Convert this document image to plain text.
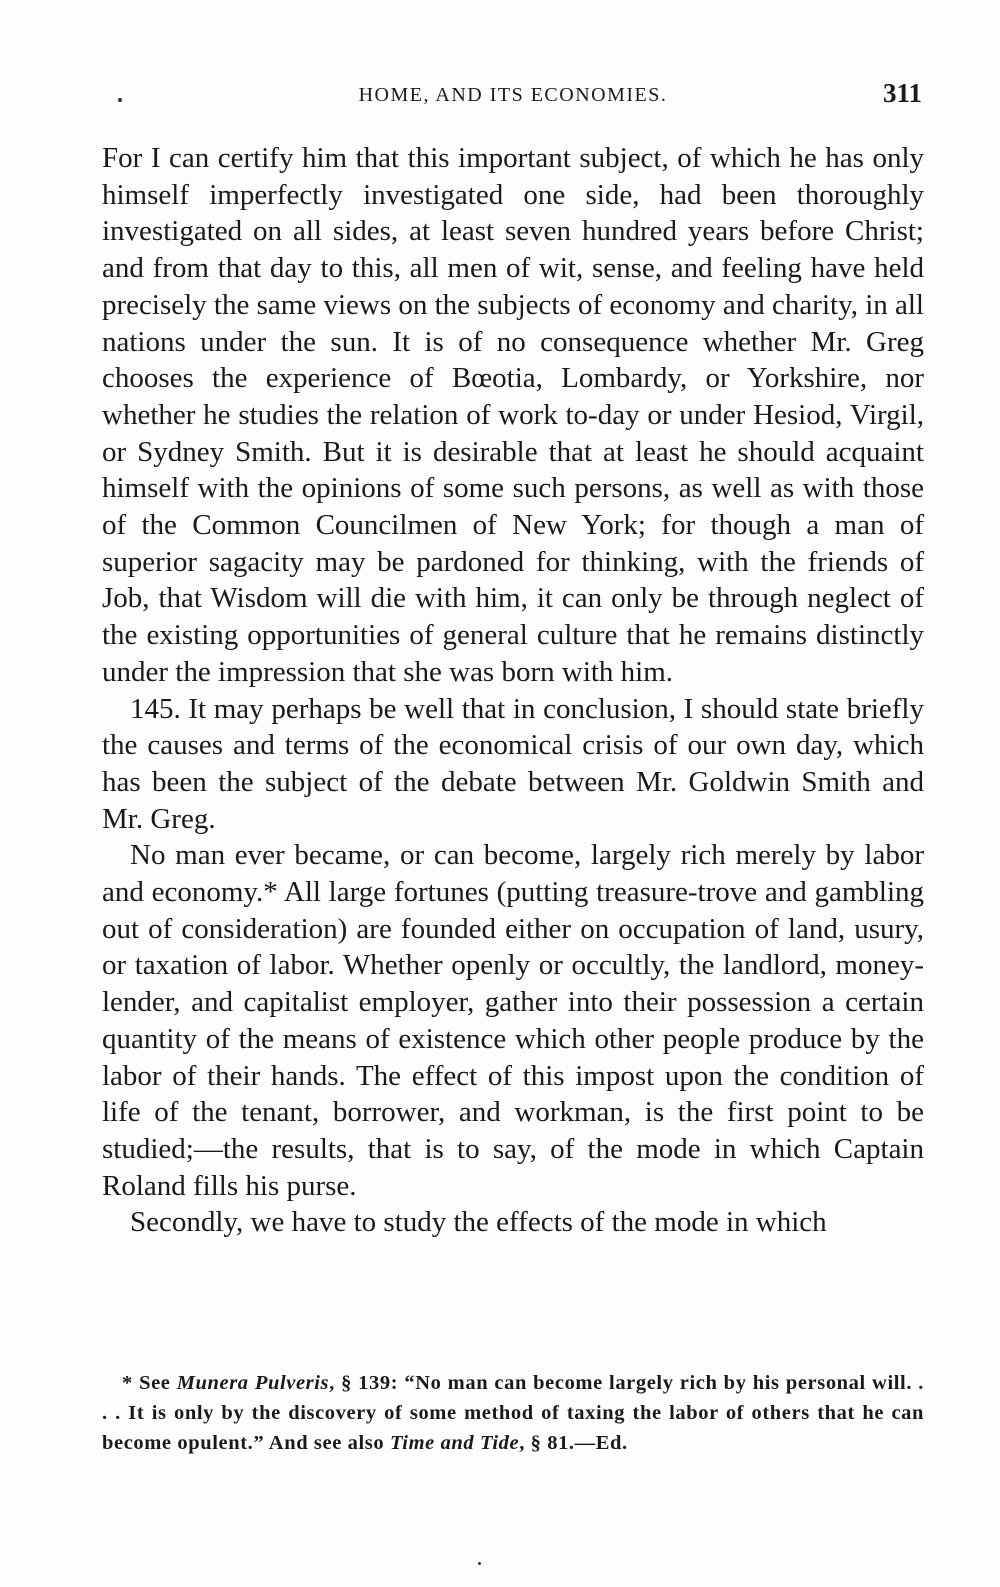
HOME, AND ITS ECONOMIES.	311

For I can certify him that this important subject, of which he has only himself imperfectly investigated one side, had been thoroughly investigated on all sides, at least seven hundred years before Christ; and from that day to this, all men of wit, sense, and feeling have held precisely the same views on the subjects of economy and charity, in all nations under the sun. It is of no consequence whether Mr. Greg chooses the experience of Bœotia, Lombardy, or Yorkshire, nor whether he studies the relation of work to-day or under Hesiod, Virgil, or Sydney Smith. But it is desirable that at least he should acquaint himself with the opinions of some such persons, as well as with those of the Common Councilmen of New York; for though a man of superior sagacity may be pardoned for thinking, with the friends of Job, that Wisdom will die with him, it can only be through neglect of the existing opportunities of general culture that he remains distinctly under the impression that she was born with him.

145. It may perhaps be well that in conclusion, I should state briefly the causes and terms of the economical crisis of our own day, which has been the subject of the debate between Mr. Goldwin Smith and Mr. Greg.

No man ever became, or can become, largely rich merely by labor and economy.* All large fortunes (putting treasure-trove and gambling out of consideration) are founded either on occupation of land, usury, or taxation of labor. Whether openly or occultly, the landlord, money-lender, and capitalist employer, gather into their possession a certain quantity of the means of existence which other people produce by the labor of their hands. The effect of this impost upon the condition of life of the tenant, borrower, and workman, is the first point to be studied;—the results, that is to say, of the mode in which Captain Roland fills his purse.

Secondly, we have to study the effects of the mode in which

* See Munera Pulveris, § 139: “No man can become largely rich by his personal will. . . . It is only by the discovery of some method of taxing the labor of others that he can become opulent.” And see also Time and Tide, § 81.—Ed.
